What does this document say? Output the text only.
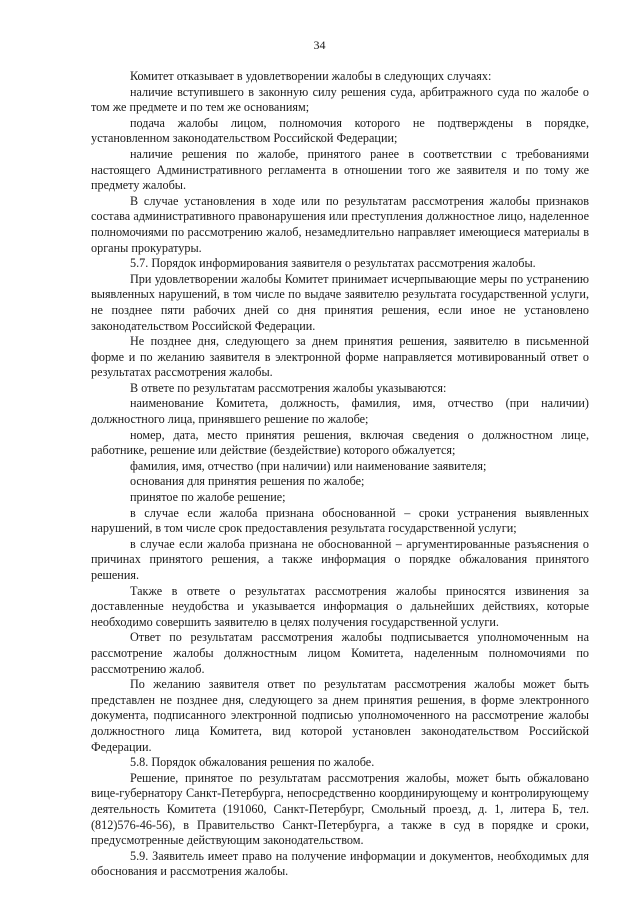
34

Комитет отказывает в удовлетворении жалобы в следующих случаях:

наличие вступившего в законную силу решения суда, арбитражного суда по жалобе о том же предмете и по тем же основаниям;

подача жалобы лицом, полномочия которого не подтверждены в порядке, установленном законодательством Российской Федерации;

наличие решения по жалобе, принятого ранее в соответствии с требованиями настоящего Административного регламента в отношении того же заявителя и по тому же предмету жалобы.

В случае установления в ходе или по результатам рассмотрения жалобы признаков состава административного правонарушения или преступления должностное лицо, наделенное полномочиями по рассмотрению жалоб, незамедлительно направляет имеющиеся материалы в органы прокуратуры.

5.7. Порядок информирования заявителя о результатах рассмотрения жалобы.

При удовлетворении жалобы Комитет принимает исчерпывающие меры по устранению выявленных нарушений, в том числе по выдаче заявителю результата государственной услуги, не позднее пяти рабочих дней со дня принятия решения, если иное не установлено законодательством Российской Федерации.

Не позднее дня, следующего за днем принятия решения, заявителю в письменной форме и по желанию заявителя в электронной форме направляется мотивированный ответ о результатах рассмотрения жалобы.

В ответе по результатам рассмотрения жалобы указываются:

наименование Комитета, должность, фамилия, имя, отчество (при наличии) должностного лица, принявшего решение по жалобе;

номер, дата, место принятия решения, включая сведения о должностном лице, работнике, решение или действие (бездействие) которого обжалуется;

фамилия, имя, отчество (при наличии) или наименование заявителя;

основания для принятия решения по жалобе;

принятое по жалобе решение;

в случае если жалоба признана обоснованной – сроки устранения выявленных нарушений, в том числе срок предоставления результата государственной услуги;

в случае если жалоба признана не обоснованной – аргументированные разъяснения о причинах принятого решения, а также информация о порядке обжалования принятого решения.

Также в ответе о результатах рассмотрения жалобы приносятся извинения за доставленные неудобства и указывается информация о дальнейших действиях, которые необходимо совершить заявителю в целях получения государственной услуги.

Ответ по результатам рассмотрения жалобы подписывается уполномоченным на рассмотрение жалобы должностным лицом Комитета, наделенным полномочиями по рассмотрению жалоб.

По желанию заявителя ответ по результатам рассмотрения жалобы может быть представлен не позднее дня, следующего за днем принятия решения, в форме электронного документа, подписанного электронной подписью уполномоченного на рассмотрение жалобы должностного лица Комитета, вид которой установлен законодательством Российской Федерации.

5.8. Порядок обжалования решения по жалобе.

Решение, принятое по результатам рассмотрения жалобы, может быть обжаловано вице-губернатору Санкт-Петербурга, непосредственно координирующему и контролирующему деятельность Комитета (191060, Санкт-Петербург, Смольный проезд, д. 1, литера Б, тел. (812)576-46-56), в Правительство Санкт-Петербурга, а также в суд в порядке и сроки, предусмотренные действующим законодательством.

5.9. Заявитель имеет право на получение информации и документов, необходимых для обоснования и рассмотрения жалобы.
